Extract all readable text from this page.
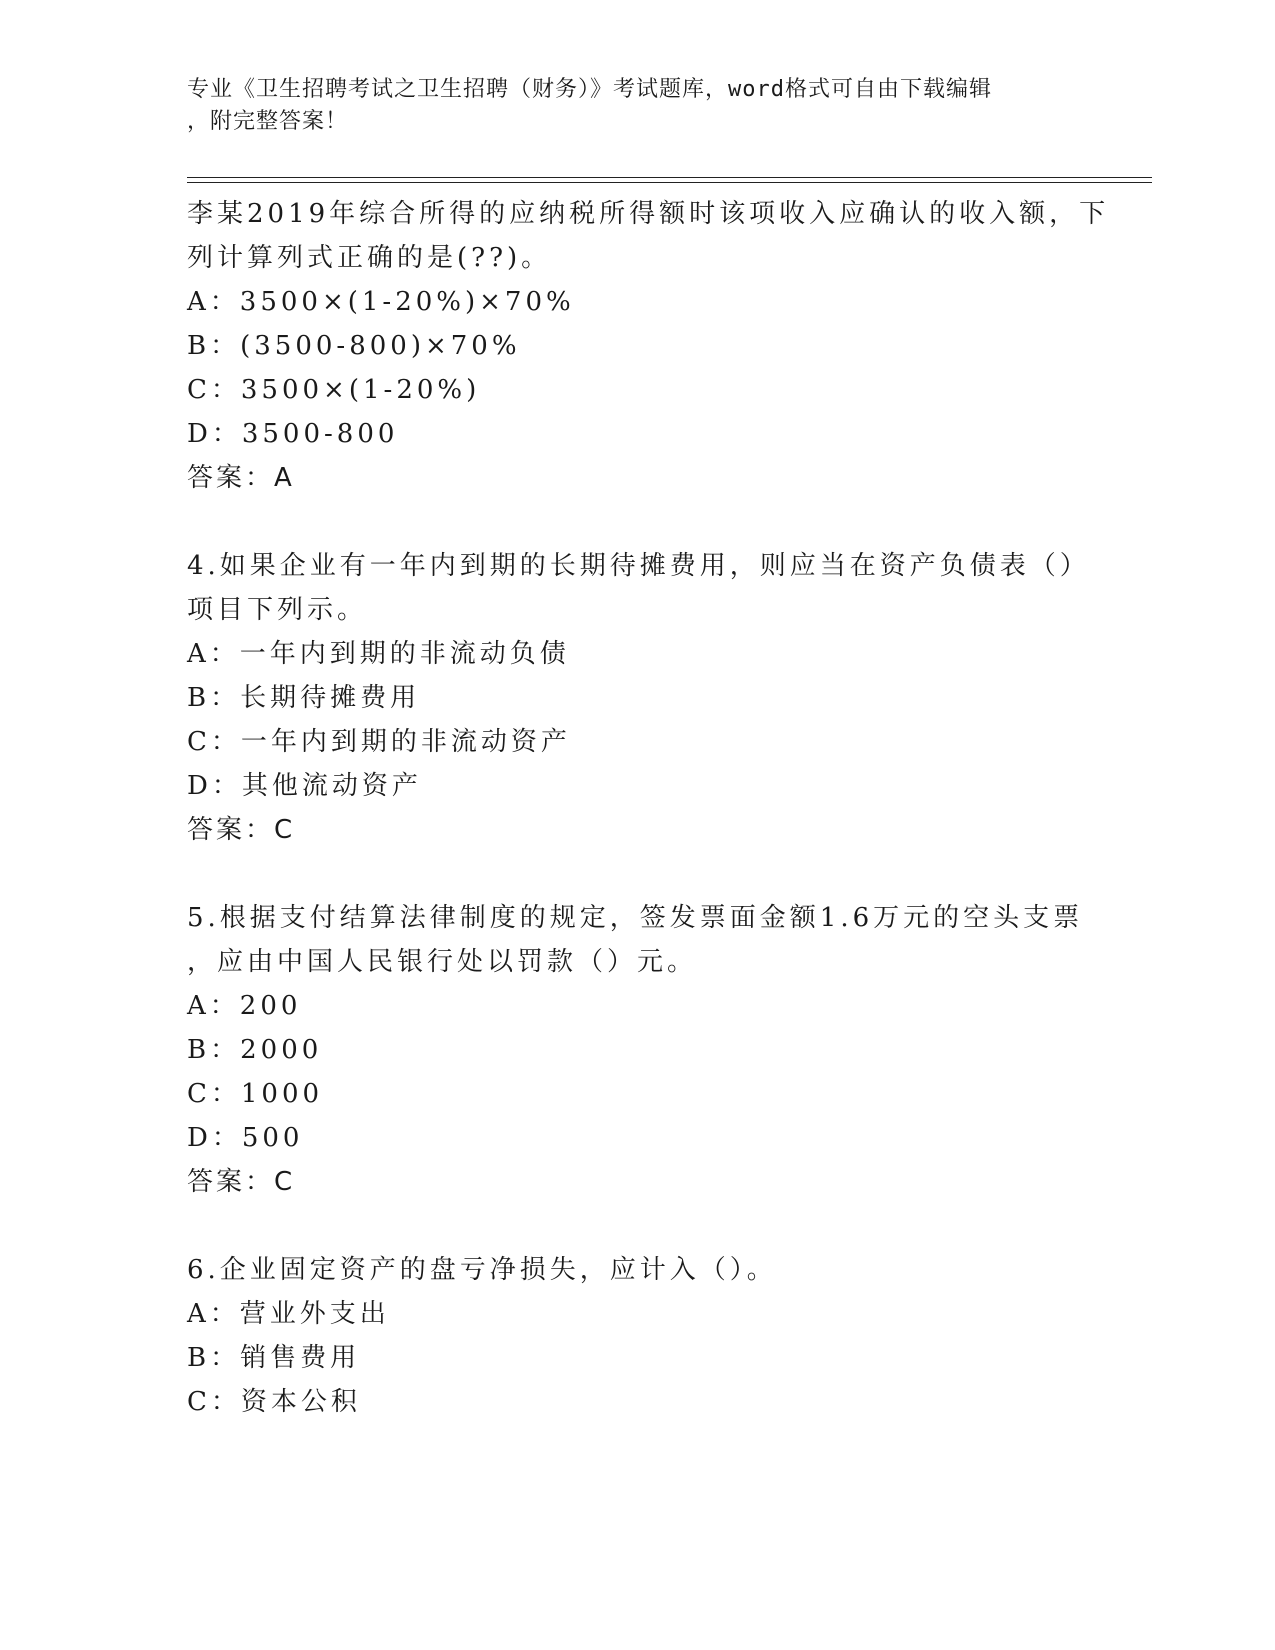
专业《卫生招聘考试之卫生招聘（财务）》考试题库，word格式可自由下载编辑
，附完整答案！
李某2019年综合所得的应纳税所得额时该项收入应确认的收入额，下
列计算列式正确的是(??)。
A：3500×(1-20%)×70%
B：(3500-800)×70%
C：3500×(1-20%)
D：3500-800
答案：A
4.如果企业有一年内到期的长期待摊费用，则应当在资产负债表（）
项目下列示。
A：一年内到期的非流动负债
B：长期待摊费用
C：一年内到期的非流动资产
D：其他流动资产
答案：C
5.根据支付结算法律制度的规定，签发票面金额1.6万元的空头支票
，应由中国人民银行处以罚款（）元。
A：200
B：2000
C：1000
D：500
答案：C
6.企业固定资产的盘亏净损失，应计入（）。
A：营业外支出
B：销售费用
C：资本公积
